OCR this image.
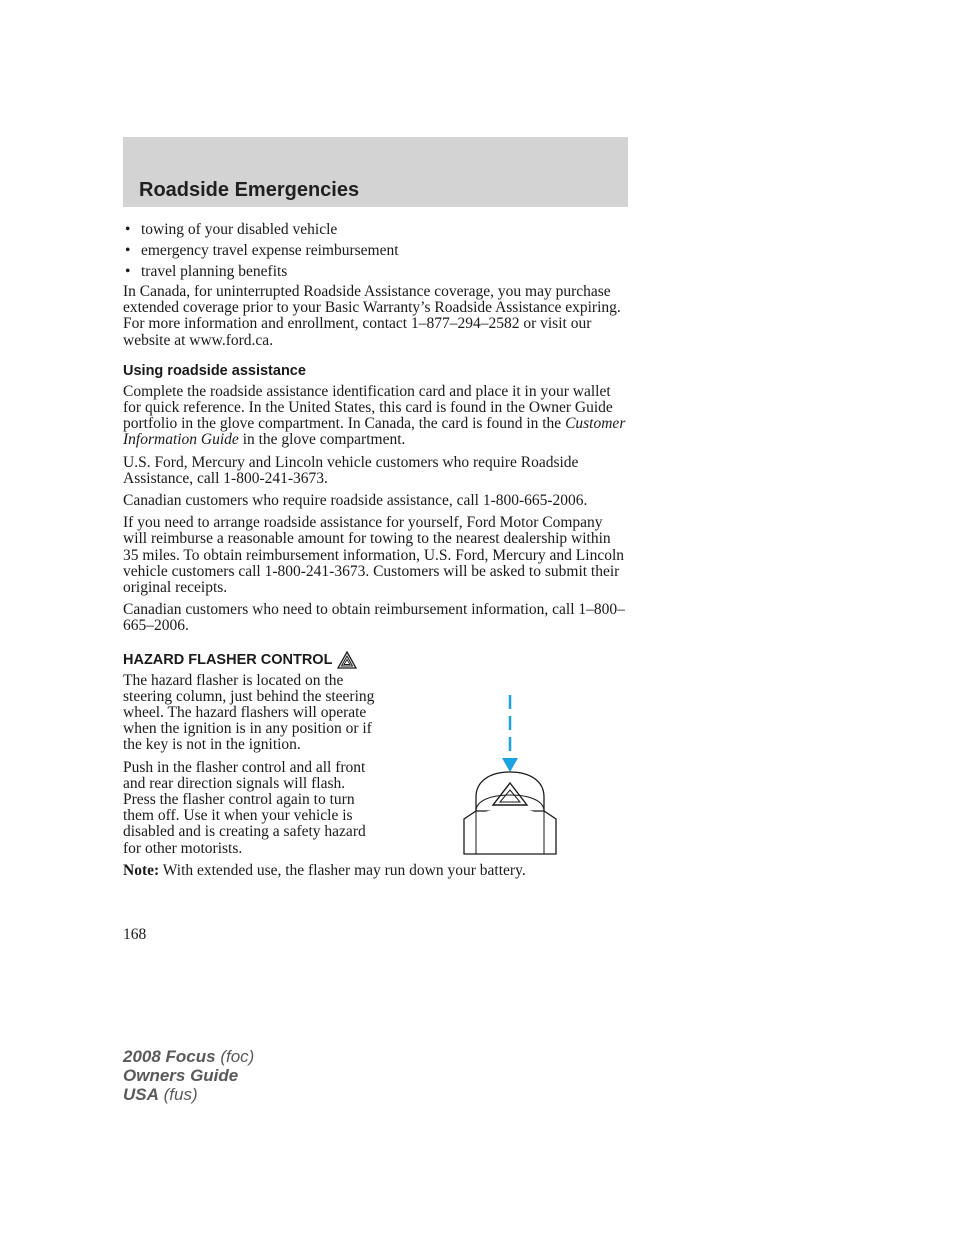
Roadside Emergencies
• towing of your disabled vehicle
• emergency travel expense reimbursement
• travel planning benefits

In Canada, for uninterrupted Roadside Assistance coverage, you may purchase extended coverage prior to your Basic Warranty’s Roadside Assistance expiring. For more information and enrollment, contact 1–877–294–2582 or visit our website at www.ford.ca.

Using roadside assistance

Complete the roadside assistance identification card and place it in your wallet for quick reference. In the United States, this card is found in the Owner Guide portfolio in the glove compartment. In Canada, the card is found in the Customer Information Guide in the glove compartment.

U.S. Ford, Mercury and Lincoln vehicle customers who require Roadside Assistance, call 1-800-241-3673.

Canadian customers who require roadside assistance, call 1-800-665-2006.

If you need to arrange roadside assistance for yourself, Ford Motor Company will reimburse a reasonable amount for towing to the nearest dealership within 35 miles. To obtain reimbursement information, U.S. Ford, Mercury and Lincoln vehicle customers call 1-800-241-3673. Customers will be asked to submit their original receipts.

Canadian customers who need to obtain reimbursement information, call 1–800–665–2006.

HAZARD FLASHER CONTROL

The hazard flasher is located on the steering column, just behind the steering wheel. The hazard flashers will operate when the ignition is in any position or if the key is not in the ignition.

Push in the flasher control and all front and rear direction signals will flash. Press the flasher control again to turn them off. Use it when your vehicle is disabled and is creating a safety hazard for other motorists.

Note: With extended use, the flasher may run down your battery.

168
2008 Focus (foc)
Owners Guide
USA (fus)
